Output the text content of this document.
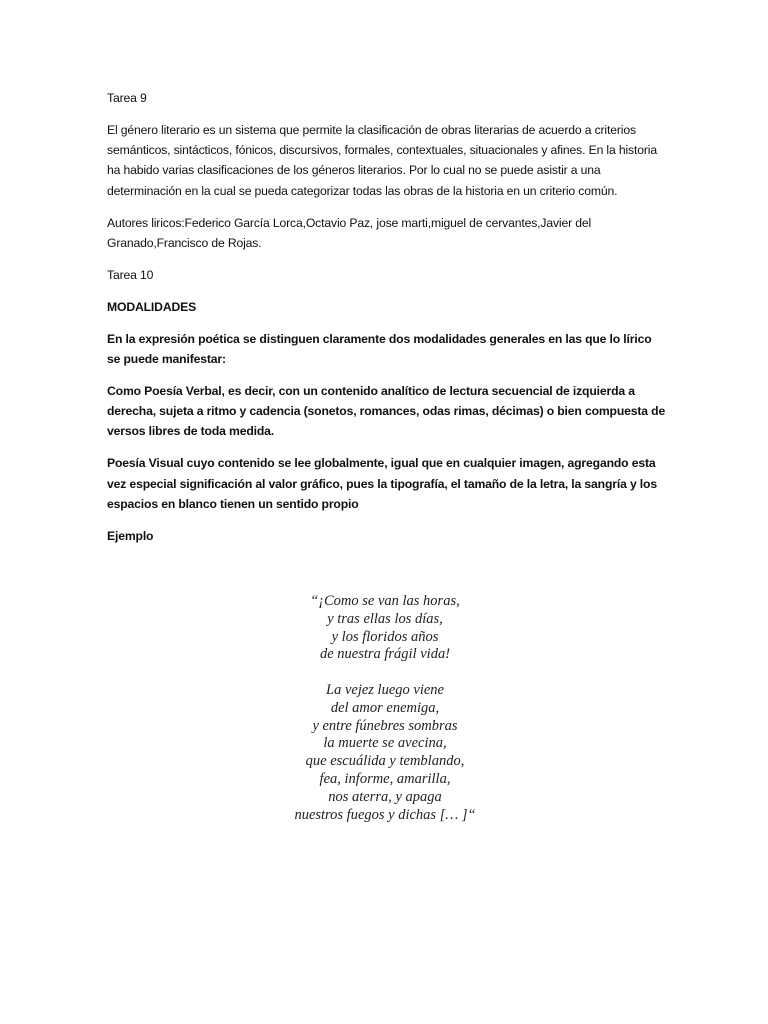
Tarea 9

El género literario es un sistema que permite la clasificación de obras literarias de acuerdo a criterios semánticos, sintácticos, fónicos, discursivos, formales, contextuales, situacionales y afines. En la historia ha habido varias clasificaciones de los géneros literarios. Por lo cual no se puede asistir a una determinación en la cual se pueda categorizar todas las obras de la historia en un criterio común.

Autores liricos:Federico García Lorca,Octavio Paz, jose marti,miguel de cervantes,Javier del Granado,Francisco de Rojas.

Tarea 10

MODALIDADES

En la expresión poética se distinguen claramente dos modalidades generales en las que lo lírico se puede manifestar:

Como Poesía Verbal, es decir, con un contenido analítico de lectura secuencial de izquierda a derecha, sujeta a ritmo y cadencia (sonetos, romances, odas rimas, décimas) o bien compuesta de versos libres de toda medida.

Poesía Visual cuyo contenido se lee globalmente, igual que en cualquier imagen, agregando esta vez especial significación al valor gráfico, pues la tipografía, el tamaño de la letra, la sangría y los espacios en blanco tienen un sentido propio

Ejemplo

“¡Como se van las horas,
y tras ellas los días,
y los floridos años
de nuestra frágil vida!
La vejez luego viene
del amor enemiga,
y entre fúnebres sombras
la muerte se avecina,
que escuálida y temblando,
fea, informe, amarilla,
nos aterra, y apaga
nuestros fuegos y dichas [… ]“
